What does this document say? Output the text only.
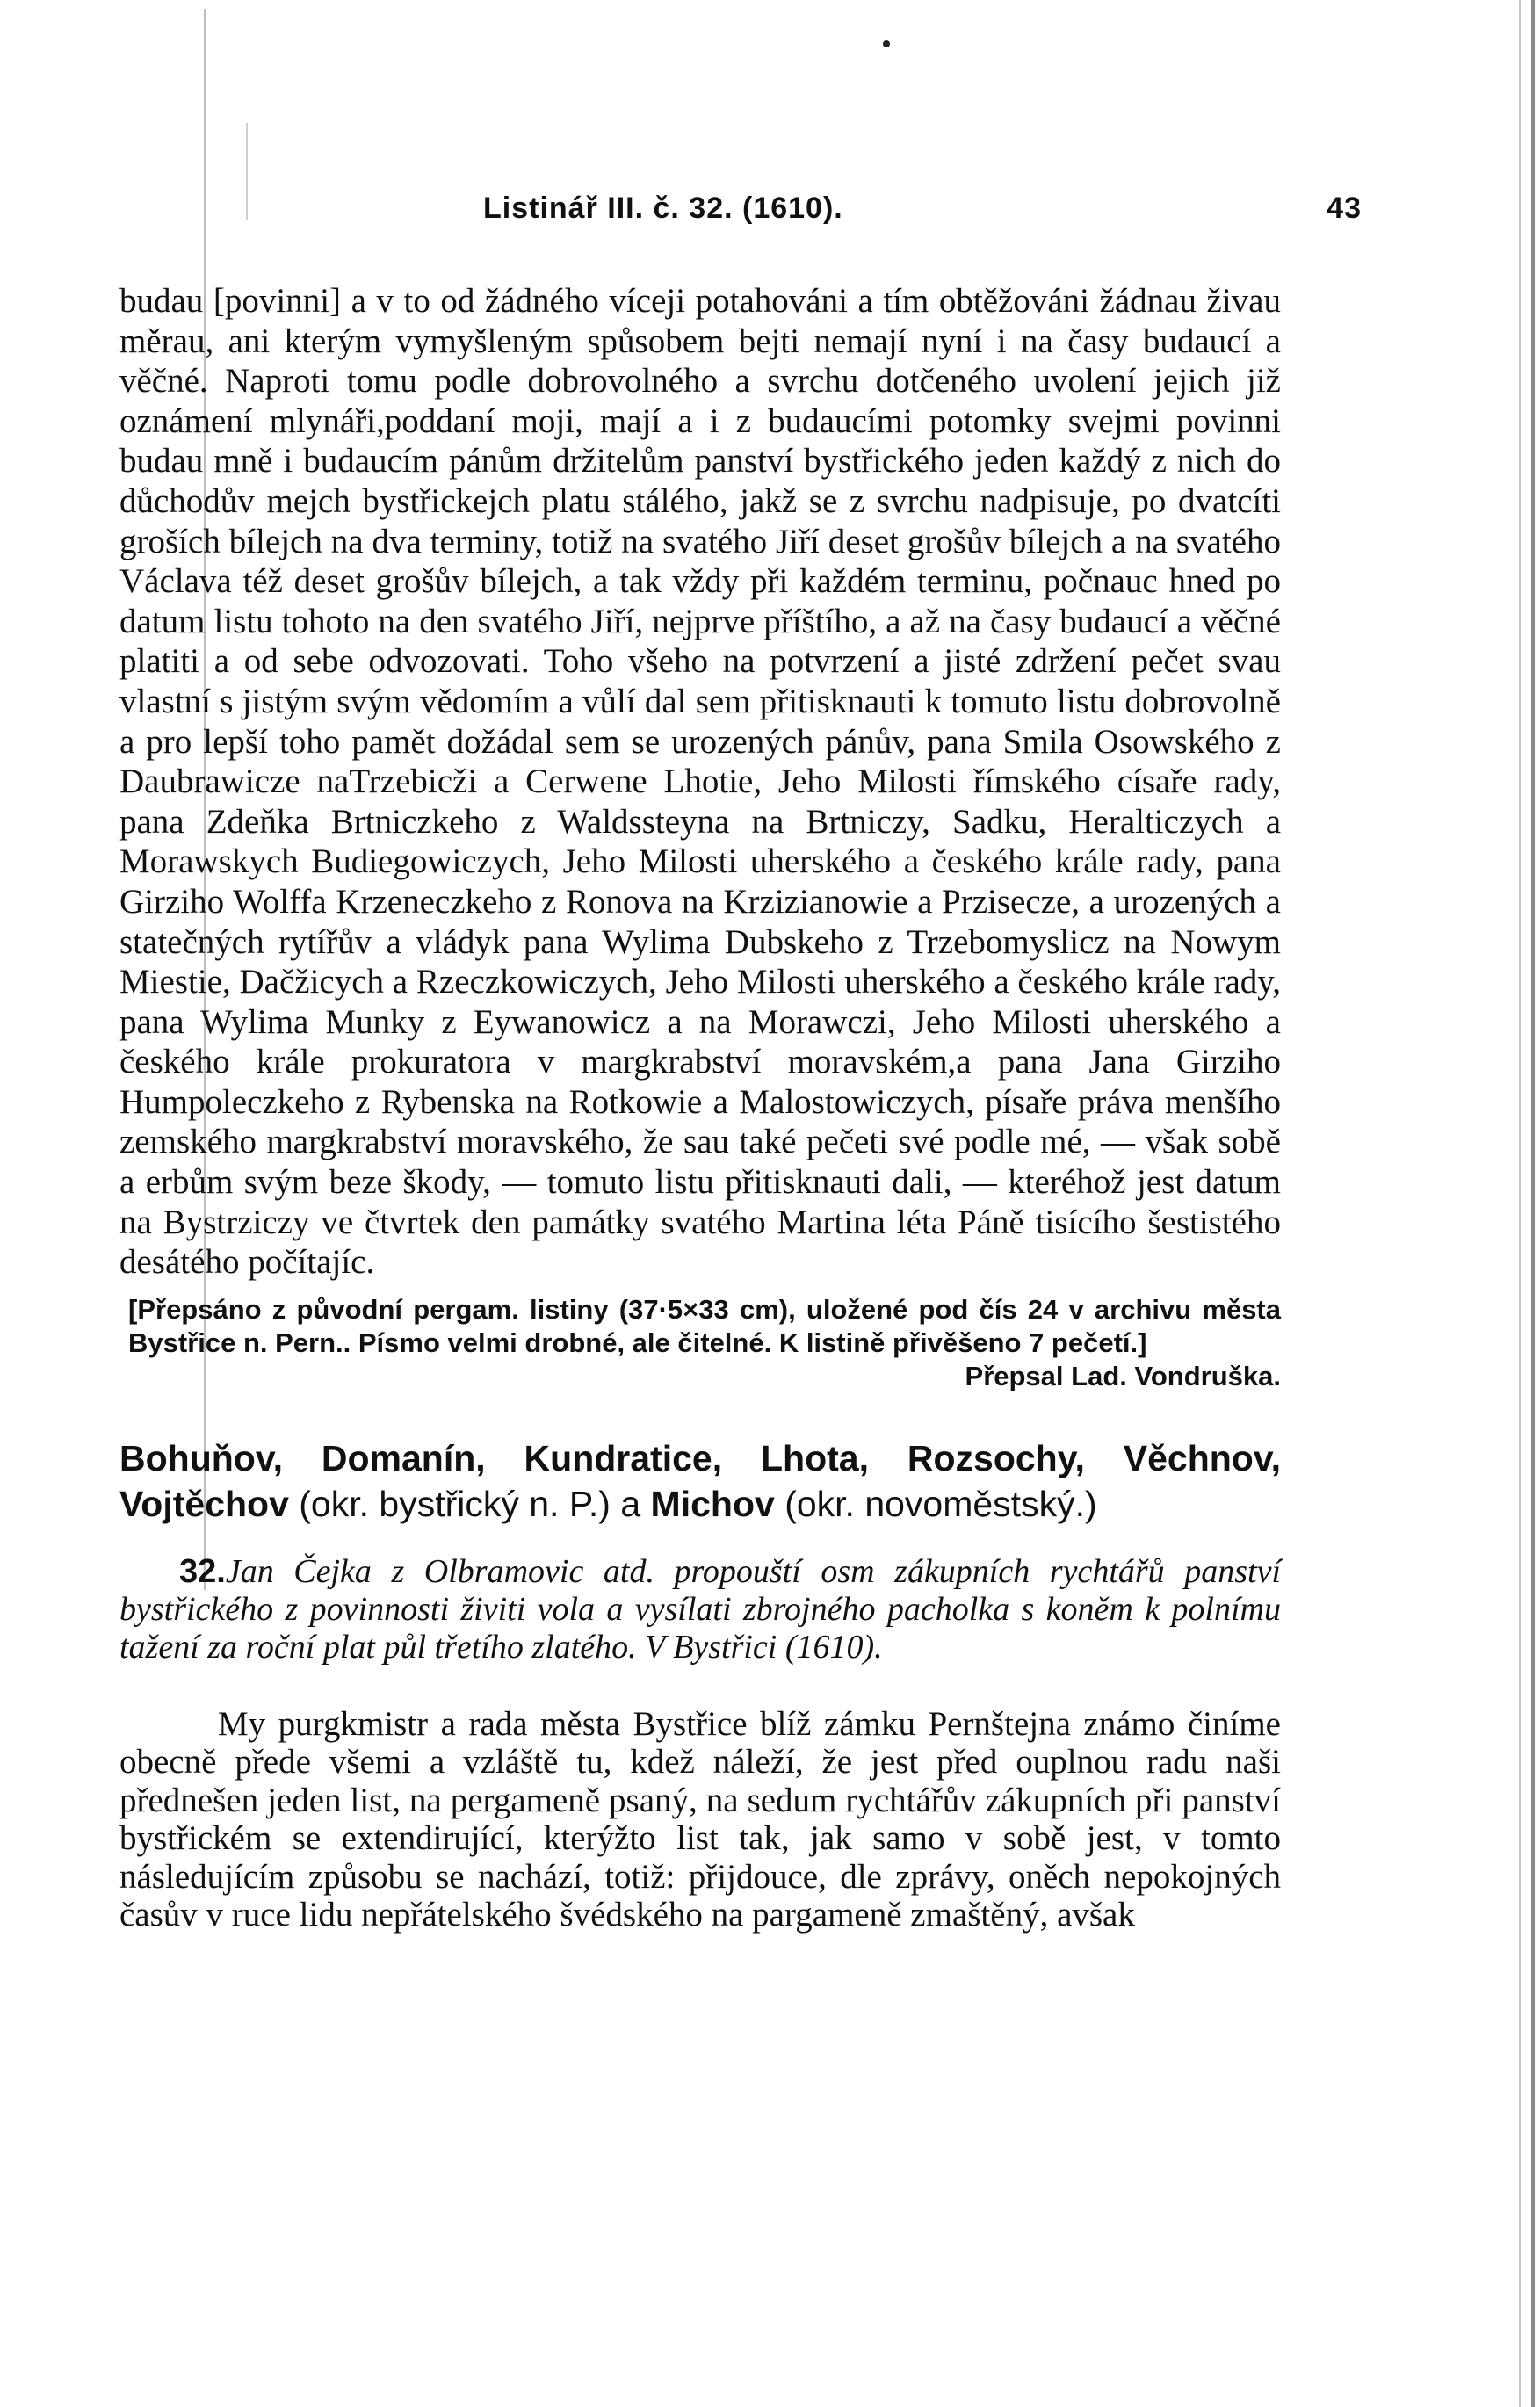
Listinář III. č. 32. (1610).	43

budau [povinni] a v to od žádného víceji potahováni a tím obtěžováni žádnau živau měrau, ani kterým vymyšleným spůsobem bejti nemají nyní i na časy budaucí a věčné. Naproti tomu podle dobrovolného a svrchu dotčeného uvolení jejich již oznámení mlynáři,poddaní moji, mají a i z budaucími potomky svejmi povinni budau mně i budaucím pánům držitelům panství bystřického jeden každý z nich do důchodův mejch bystřickejch platu stálého, jakž se z svrchu nadpisuje, po dvatcíti groších bílejch na dva terminy, totiž na svatého Jiří deset grošův bílejch a na svatého Václava též deset grošův bílejch, a tak vždy při každém terminu, počnauc hned po datum listu tohoto na den svatého Jiří, nejprve příštího, a až na časy budaucí a věčné platiti a od sebe odvozovati. Toho všeho na potvrzení a jisté zdržení pečet svau vlastní s jistým svým vědomím a vůlí dal sem přitisknauti k tomuto listu dobrovolně a pro lepší toho pamět dožádal sem se urozených pánův, pana Smila Osowského z Daubrawicze naTrzebicži a Cerwene Lhotie, Jeho Milosti římského císaře rady, pana Zdeňka Brtniczkeho z Waldssteyna na Brtniczy, Sadku, Heralticzych a Morawskych Budiegowiczych, Jeho Milosti uherského a českého krále rady, pana Girziho Wolffa Krzeneczkeho z Ronova na Krzizianowie a Przisecze, a urozených a statečných rytířův a vládyk pana Wylima Dubskeho z Trzebomyslicz na Nowym Miestie, Dačžicych a Rzeczkowiczych, Jeho Milosti uherského a českého krále rady, pana Wylima Munky z Eywanowicz a na Morawczi, Jeho Milosti uherského a českého krále prokuratora v margkrabství moravském,a pana Jana Girziho Humpoleczkeho z Rybenska na Rotkowie a Malostowiczych, písaře práva menšího zemského margkrabství moravského, že sau také pečeti své podle mé, — však sobě a erbům svým beze škody, — tomuto listu přitisknauti dali, — kteréhož jest datum na Bystrziczy ve čtvrtek den památky svatého Martina léta Páně tisícího šestistého desátého počítajíc.

[Přepsáno z původní pergam. listiny (37·5×33 cm), uložené pod čís 24 v archivu města Bystřice n. Pern.. Písmo velmi drobné, ale čitelné. K listině přivěšeno 7 pečetí.]
Přepsal Lad. Vondruška.

Bohuňov, Domanín, Kundratice, Lhota, Rozsochy, Věchnov, Vojtěchov (okr. bystřický n. P.) a Michov (okr. novoměstský.)

32.Jan Čejka z Olbramovic atd. propouští osm zákupních rychtářů panství bystřického z povinnosti živiti vola a vysílati zbrojného pacholka s koněm k polnímu tažení za roční plat půl třetího zlatého. V Bystřici (1610).

My purgkmistr a rada města Bystřice blíž zámku Pernštejna známo činíme obecně přede všemi a vzláště tu, kdež náleží, že jest před ouplnou radu naši přednešen jeden list, na pergameně psaný, na sedum rychtářův zákupních při panství bystřickém se extendirující, kterýžto list tak, jak samo v sobě jest, v tomto následujícím způsobu se nachází, totiž: přijdouce, dle zprávy, oněch nepokojných časův v ruce lidu nepřátelského švédského na pargameně zmaštěný, avšak
